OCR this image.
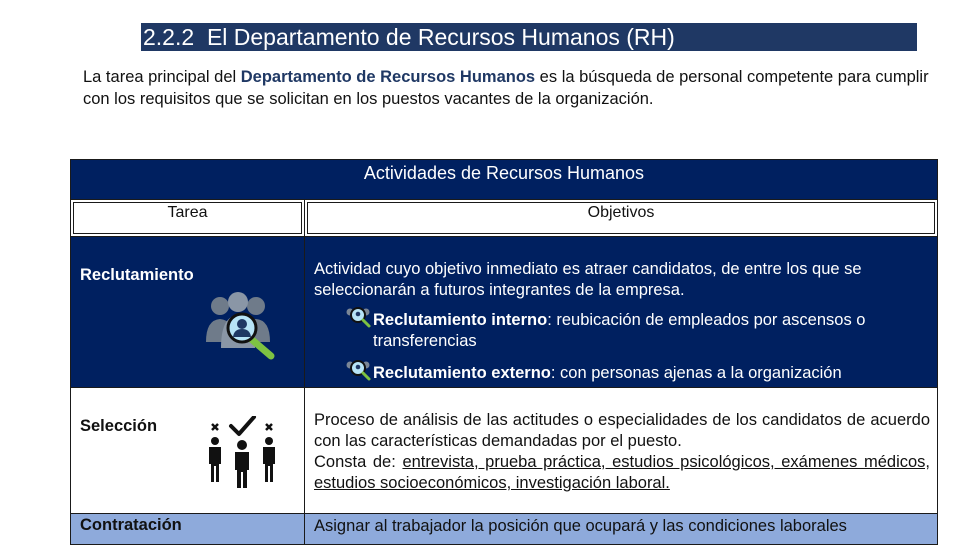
2.2.2 El Departamento de Recursos Humanos (RH)

La tarea principal del Departamento de Recursos Humanos es la búsqueda de personal competente para cumplir con los requisitos que se solicitan en los puestos vacantes de la organización.

Actividades de Recursos Humanos	

Tarea	Objetivos

Reclutamiento	Actividad cuyo objetivo inmediato es atraer candidatos, de entre los que se seleccionarán a futuros integrantes de la empresa.
Reclutamiento interno: reubicación de empleados por ascensos o transferencias
Reclutamiento externo: con personas ajenas a la organización

Selección	Proceso de análisis de las actitudes o especialidades de los candidatos de acuerdo con las características demandadas por el puesto.
Consta de: entrevista, prueba práctica, estudios psicológicos, exámenes médicos, estudios socioeconómicos, investigación laboral.

Contratación	Asignar al trabajador la posición que ocupará y las condiciones laborales
